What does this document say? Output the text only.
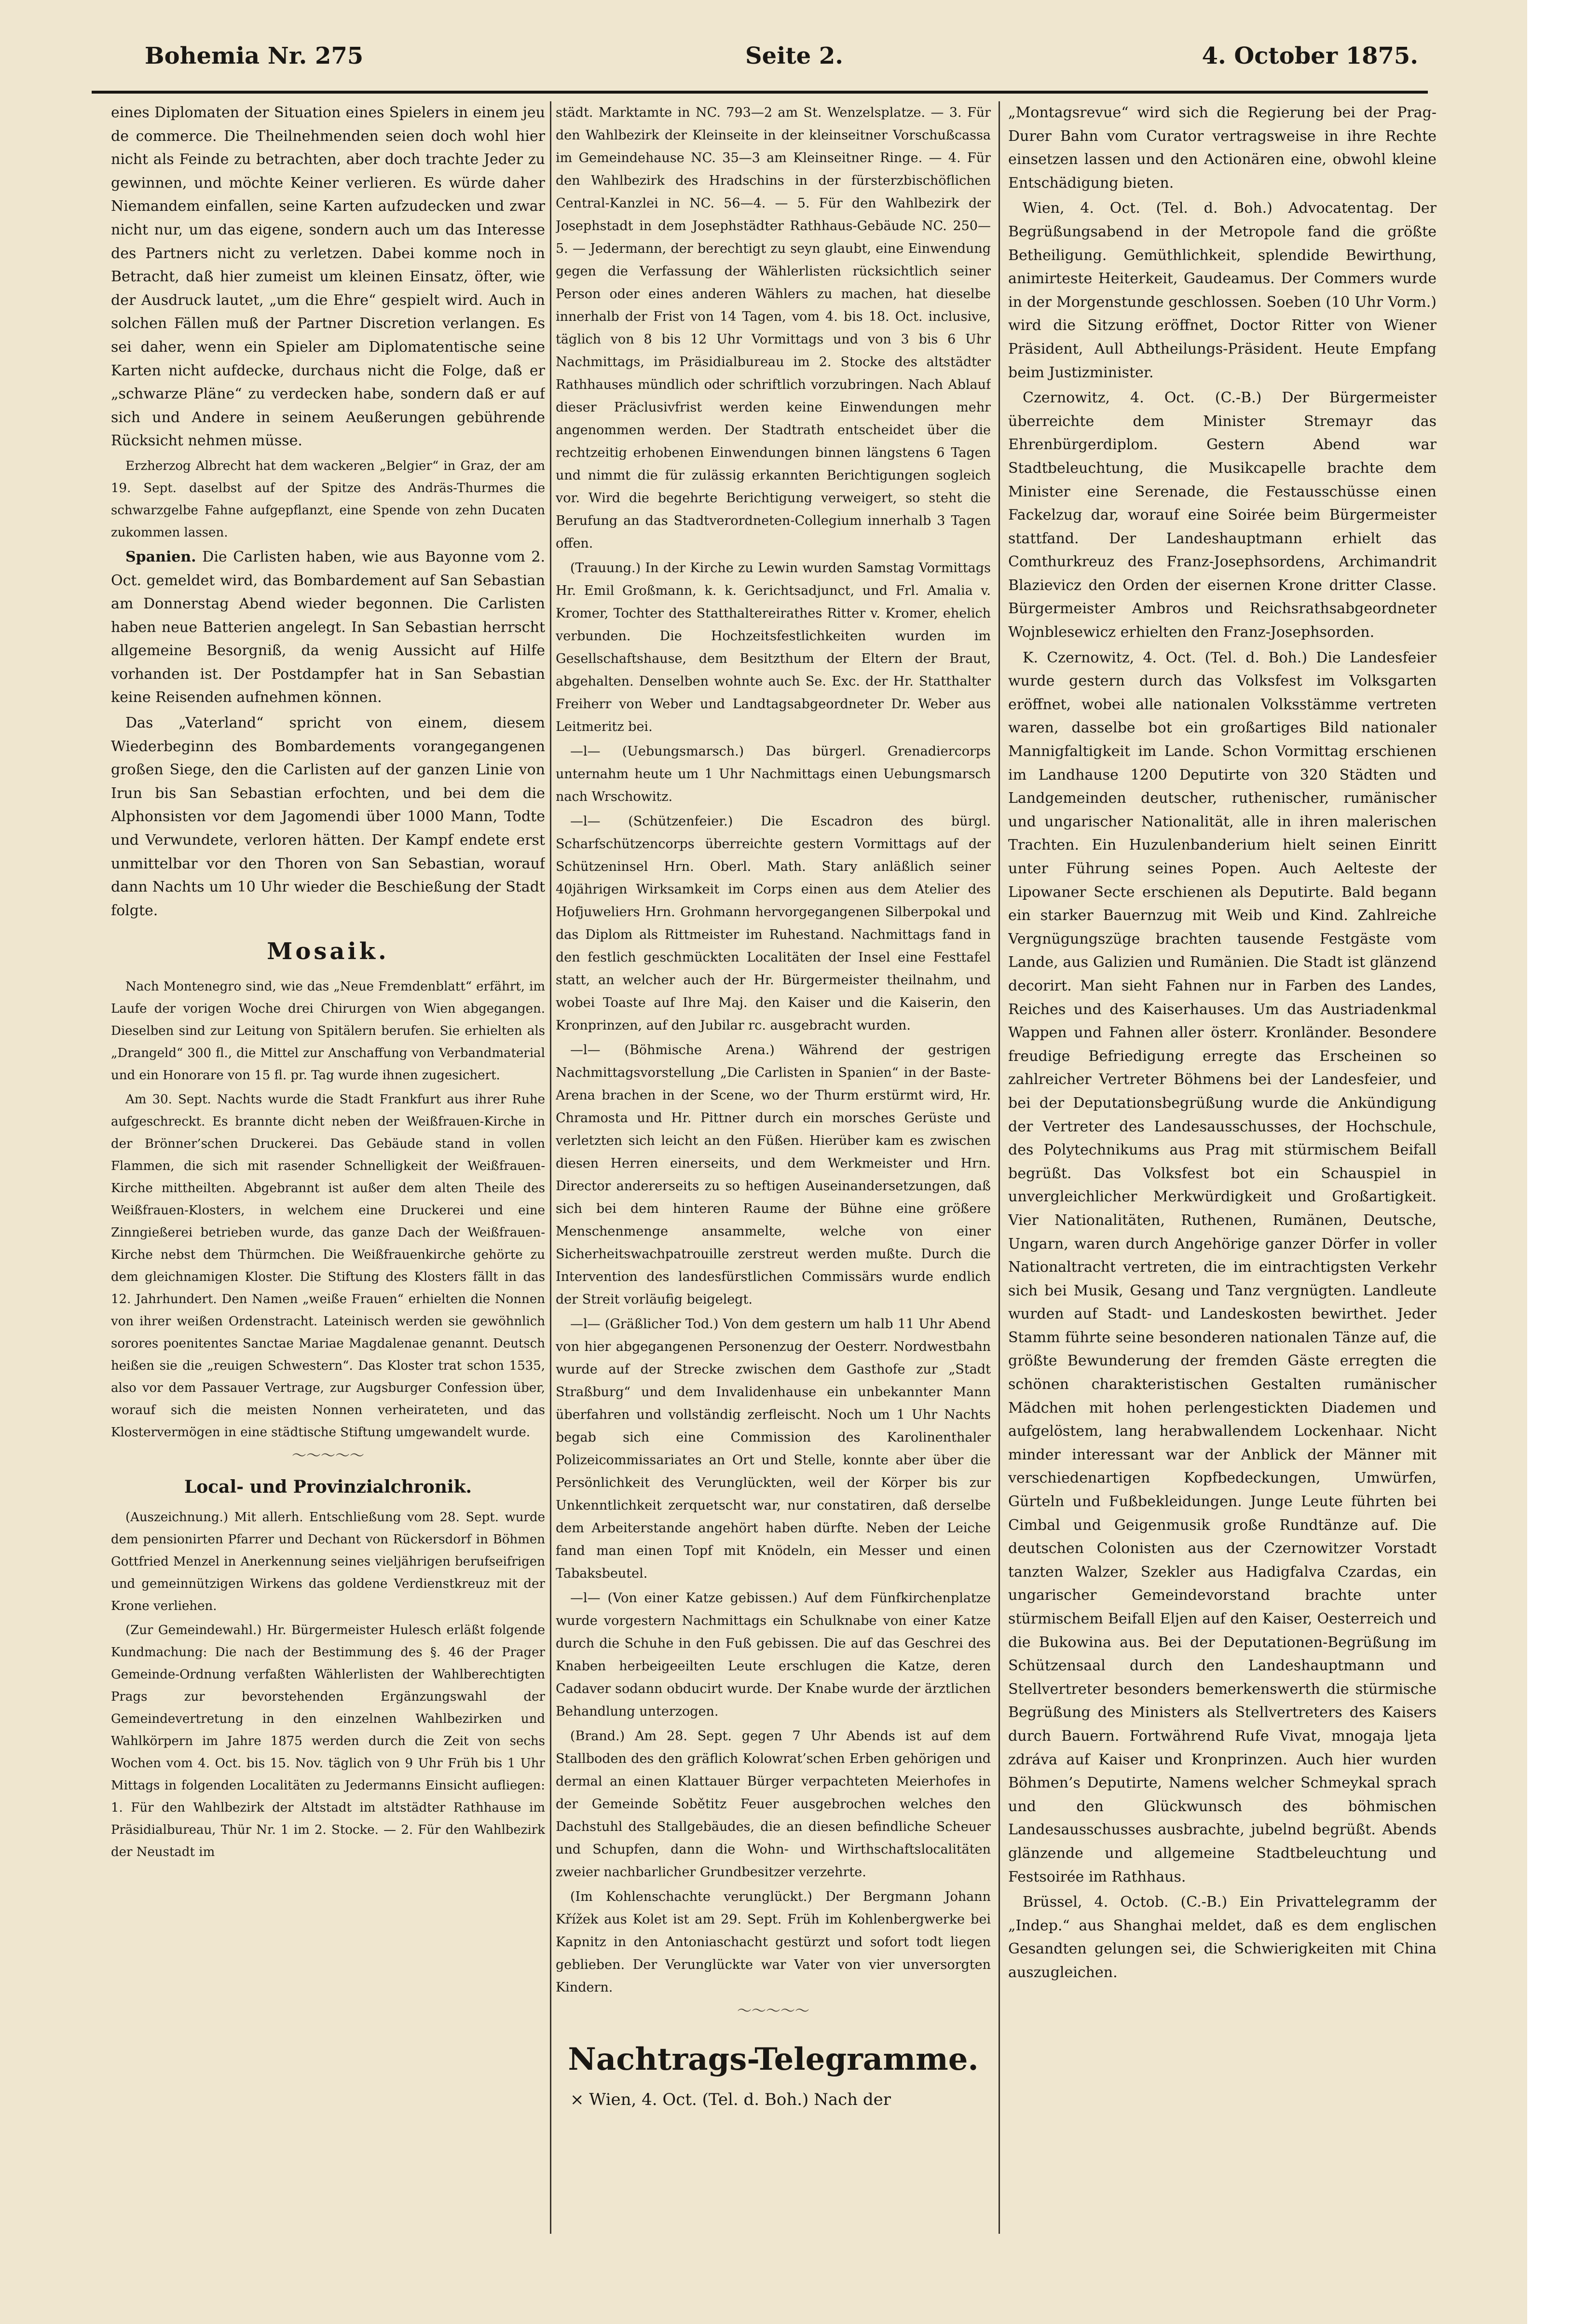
Bohemia Nr. 275	Seite 2.	4. October 1875.

eines Diplomaten der Situation eines Spielers in einem jeu de commerce. Die Theilnehmenden seien doch wohl hier nicht als Feinde zu betrachten, aber doch trachte Jeder zu gewinnen, und möchte Keiner verlieren. Es würde daher Niemandem einfallen, seine Karten aufzudecken und zwar nicht nur, um das eigene, sondern auch um das Interesse des Partners nicht zu verletzen. Dabei komme noch in Betracht, daß hier zumeist um kleinen Einsatz, öfter, wie der Ausdruck lautet, „um die Ehre“ gespielt wird. Auch in solchen Fällen muß der Partner Discretion verlangen. Es sei daher, wenn ein Spieler am Diplomatentische seine Karten nicht aufdecke, durchaus nicht die Folge, daß er „schwarze Pläne“ zu verdecken habe, sondern daß er auf sich und Andere in seinem Aeußerungen gebührende Rücksicht nehmen müsse.

Erzherzog Albrecht hat dem wackeren „Belgier“ in Graz, der am 19. Sept. daselbst auf der Spitze des Andräs-Thurmes die schwarzgelbe Fahne aufgepflanzt, eine Spende von zehn Ducaten zukommen lassen.

Spanien. Die Carlisten haben, wie aus Bayonne vom 2. Oct. gemeldet wird, das Bombardement auf San Sebastian am Donnerstag Abend wieder begonnen. Die Carlisten haben neue Batterien angelegt. In San Sebastian herrscht allgemeine Besorgniß, da wenig Aussicht auf Hilfe vorhanden ist. Der Postdampfer hat in San Sebastian keine Reisenden aufnehmen können.

Das „Vaterland“ spricht von einem, diesem Wiederbeginn des Bombardements vorangegangenen großen Siege, den die Carlisten auf der ganzen Linie von Irun bis San Sebastian erfochten, und bei dem die Alphonsisten vor dem Jagomendi über 1000 Mann, Todte und Verwundete, verloren hätten. Der Kampf endete erst unmittelbar vor den Thoren von San Sebastian, worauf dann Nachts um 10 Uhr wieder die Beschießung der Stadt folgte.

Mosaik.

Nach Montenegro sind, wie das „Neue Fremdenblatt“ erfährt, im Laufe der vorigen Woche drei Chirurgen von Wien abgegangen. Dieselben sind zur Leitung von Spitälern berufen. Sie erhielten als „Drangeld“ 300 fl., die Mittel zur Anschaffung von Verbandmaterial und ein Honorare von 15 fl. pr. Tag wurde ihnen zugesichert.

Am 30. Sept. Nachts wurde die Stadt Frankfurt aus ihrer Ruhe aufgeschreckt. Es brannte dicht neben der Weißfrauen-Kirche in der Brönner’schen Druckerei. Das Gebäude stand in vollen Flammen, die sich mit rasender Schnelligkeit der Weißfrauen-Kirche mittheilten. Abgebrannt ist außer dem alten Theile des Weißfrauen-Klosters, in welchem eine Druckerei und eine Zinngießerei betrieben wurde, das ganze Dach der Weißfrauen-Kirche nebst dem Thürmchen. Die Weißfrauenkirche gehörte zu dem gleichnamigen Kloster. Die Stiftung des Klosters fällt in das 12. Jahrhundert. Den Namen „weiße Frauen“ erhielten die Nonnen von ihrer weißen Ordenstracht. Lateinisch werden sie gewöhnlich sorores poenitentes Sanctae Mariae Magdalenae genannt. Deutsch heißen sie die „reuigen Schwestern“. Das Kloster trat schon 1535, also vor dem Passauer Vertrage, zur Augsburger Confession über, worauf sich die meisten Nonnen verheirateten, und das Klostervermögen in eine städtische Stiftung umgewandelt wurde.

〜〜〜〜〜
Local- und Provinzialchronik.

(Auszeichnung.) Mit allerh. Entschließung vom 28. Sept. wurde dem pensionirten Pfarrer und Dechant von Rückersdorf in Böhmen Gottfried Menzel in Anerkennung seines vieljährigen berufseifrigen und gemeinnützigen Wirkens das goldene Verdienstkreuz mit der Krone verliehen.

(Zur Gemeindewahl.) Hr. Bürgermeister Hulesch erläßt folgende Kundmachung: Die nach der Bestimmung des §. 46 der Prager Gemeinde-Ordnung verfaßten Wählerlisten der Wahlberechtigten Prags zur bevorstehenden Ergänzungswahl der Gemeindevertretung in den einzelnen Wahlbezirken und Wahlkörpern im Jahre 1875 werden durch die Zeit von sechs Wochen vom 4. Oct. bis 15. Nov. täglich von 9 Uhr Früh bis 1 Uhr Mittags in folgenden Localitäten zu Jedermanns Einsicht aufliegen: 1. Für den Wahlbezirk der Altstadt im altstädter Rathhause im Präsidialbureau, Thür Nr. 1 im 2. Stocke. — 2. Für den Wahlbezirk der Neustadt im

städt. Marktamte in NC. 793—2 am St. Wenzelsplatze. — 3. Für den Wahlbezirk der Kleinseite in der kleinseitner Vorschußcassa im Gemeindehause NC. 35—3 am Kleinseitner Ringe. — 4. Für den Wahlbezirk des Hradschins in der fürsterzbischöflichen Central-Kanzlei in NC. 56—4. — 5. Für den Wahlbezirk der Josephstadt in dem Josephstädter Rathhaus-Gebäude NC. 250—5. — Jedermann, der berechtigt zu seyn glaubt, eine Einwendung gegen die Verfassung der Wählerlisten rücksichtlich seiner Person oder eines anderen Wählers zu machen, hat dieselbe innerhalb der Frist von 14 Tagen, vom 4. bis 18. Oct. inclusive, täglich von 8 bis 12 Uhr Vormittags und von 3 bis 6 Uhr Nachmittags, im Präsidialbureau im 2. Stocke des altstädter Rathhauses mündlich oder schriftlich vorzubringen. Nach Ablauf dieser Präclusivfrist werden keine Einwendungen mehr angenommen werden. Der Stadtrath entscheidet über die rechtzeitig erhobenen Einwendungen binnen längstens 6 Tagen und nimmt die für zulässig erkannten Berichtigungen sogleich vor. Wird die begehrte Berichtigung verweigert, so steht die Berufung an das Stadtverordneten-Collegium innerhalb 3 Tagen offen.

(Trauung.) In der Kirche zu Lewin wurden Samstag Vormittags Hr. Emil Großmann, k. k. Gerichtsadjunct, und Frl. Amalia v. Kromer, Tochter des Statthaltereirathes Ritter v. Kromer, ehelich verbunden. Die Hochzeitsfestlichkeiten wurden im Gesellschaftshause, dem Besitzthum der Eltern der Braut, abgehalten. Denselben wohnte auch Se. Exc. der Hr. Statthalter Freiherr von Weber und Landtagsabgeordneter Dr. Weber aus Leitmeritz bei.

—l— (Uebungsmarsch.) Das bürgerl. Grenadiercorps unternahm heute um 1 Uhr Nachmittags einen Uebungsmarsch nach Wrschowitz.

—l— (Schützenfeier.) Die Escadron des bürgl. Scharfschützencorps überreichte gestern Vormittags auf der Schützeninsel Hrn. Oberl. Math. Stary anläßlich seiner 40jährigen Wirksamkeit im Corps einen aus dem Atelier des Hofjuweliers Hrn. Grohmann hervorgegangenen Silberpokal und das Diplom als Rittmeister im Ruhestand. Nachmittags fand in den festlich geschmückten Localitäten der Insel eine Festtafel statt, an welcher auch der Hr. Bürgermeister theilnahm, und wobei Toaste auf Ihre Maj. den Kaiser und die Kaiserin, den Kronprinzen, auf den Jubilar rc. ausgebracht wurden.

—l— (Böhmische Arena.) Während der gestrigen Nachmittagsvorstellung „Die Carlisten in Spanien“ in der Baste-Arena brachen in der Scene, wo der Thurm erstürmt wird, Hr. Chramosta und Hr. Pittner durch ein morsches Gerüste und verletzten sich leicht an den Füßen. Hierüber kam es zwischen diesen Herren einerseits, und dem Werkmeister und Hrn. Director andererseits zu so heftigen Auseinandersetzungen, daß sich bei dem hinteren Raume der Bühne eine größere Menschenmenge ansammelte, welche von einer Sicherheitswachpatrouille zerstreut werden mußte. Durch die Intervention des landesfürstlichen Commissärs wurde endlich der Streit vorläufig beigelegt.

—l— (Gräßlicher Tod.) Von dem gestern um halb 11 Uhr Abend von hier abgegangenen Personenzug der Oesterr. Nordwestbahn wurde auf der Strecke zwischen dem Gasthofe zur „Stadt Straßburg“ und dem Invalidenhause ein unbekannter Mann überfahren und vollständig zerfleischt. Noch um 1 Uhr Nachts begab sich eine Commission des Karolinenthaler Polizeicommissariates an Ort und Stelle, konnte aber über die Persönlichkeit des Verunglückten, weil der Körper bis zur Unkenntlichkeit zerquetscht war, nur constatiren, daß derselbe dem Arbeiterstande angehört haben dürfte. Neben der Leiche fand man einen Topf mit Knödeln, ein Messer und einen Tabaksbeutel.

—l— (Von einer Katze gebissen.) Auf dem Fünfkirchenplatze wurde vorgestern Nachmittags ein Schulknabe von einer Katze durch die Schuhe in den Fuß gebissen. Die auf das Geschrei des Knaben herbeigeeilten Leute erschlugen die Katze, deren Cadaver sodann obducirt wurde. Der Knabe wurde der ärztlichen Behandlung unterzogen.

(Brand.) Am 28. Sept. gegen 7 Uhr Abends ist auf dem Stallboden des den gräflich Kolowrat’schen Erben gehörigen und dermal an einen Klattauer Bürger verpachteten Meierhofes in der Gemeinde Sobětitz Feuer ausgebrochen welches den Dachstuhl des Stallgebäudes, die an diesen befindliche Scheuer und Schupfen, dann die Wohn- und Wirthschaftslocalitäten zweier nachbarlicher Grundbesitzer verzehrte.

(Im Kohlenschachte verunglückt.) Der Bergmann Johann Křížek aus Kolet ist am 29. Sept. Früh im Kohlenbergwerke bei Kapnitz in den Antoniaschacht gestürzt und sofort todt liegen geblieben. Der Verunglückte war Vater von vier unversorgten Kindern.

〜〜〜〜〜
Nachtrags-Telegramme.

× Wien, 4. Oct. (Tel. d. Boh.) Nach der

„Montagsrevue“ wird sich die Regierung bei der Prag-Durer Bahn vom Curator vertragsweise in ihre Rechte einsetzen lassen und den Actionären eine, obwohl kleine Entschädigung bieten.

Wien, 4. Oct. (Tel. d. Boh.) Advocatentag. Der Begrüßungsabend in der Metropole fand die größte Betheiligung. Gemüthlichkeit, splendide Bewirthung, animirteste Heiterkeit, Gaudeamus. Der Commers wurde in der Morgenstunde geschlossen. Soeben (10 Uhr Vorm.) wird die Sitzung eröffnet, Doctor Ritter von Wiener Präsident, Aull Abtheilungs-Präsident. Heute Empfang beim Justizminister.

Czernowitz, 4. Oct. (C.-B.) Der Bürgermeister überreichte dem Minister Stremayr das Ehrenbürgerdiplom. Gestern Abend war Stadtbeleuchtung, die Musikcapelle brachte dem Minister eine Serenade, die Festausschüsse einen Fackelzug dar, worauf eine Soirée beim Bürgermeister stattfand. Der Landeshauptmann erhielt das Comthurkreuz des Franz-Josephsordens, Archimandrit Blazievicz den Orden der eisernen Krone dritter Classe. Bürgermeister Ambros und Reichsrathsabgeordneter Wojnblesewicz erhielten den Franz-Josephsorden.

K. Czernowitz, 4. Oct. (Tel. d. Boh.) Die Landesfeier wurde gestern durch das Volksfest im Volksgarten eröffnet, wobei alle nationalen Volksstämme vertreten waren, dasselbe bot ein großartiges Bild nationaler Mannigfaltigkeit im Lande. Schon Vormittag erschienen im Landhause 1200 Deputirte von 320 Städten und Landgemeinden deutscher, ruthenischer, rumänischer und ungarischer Nationalität, alle in ihren malerischen Trachten. Ein Huzulenbanderium hielt seinen Einritt unter Führung seines Popen. Auch Aelteste der Lipowaner Secte erschienen als Deputirte. Bald begann ein starker Bauernzug mit Weib und Kind. Zahlreiche Vergnügungszüge brachten tausende Festgäste vom Lande, aus Galizien und Rumänien. Die Stadt ist glänzend decorirt. Man sieht Fahnen nur in Farben des Landes, Reiches und des Kaiserhauses. Um das Austriadenkmal Wappen und Fahnen aller österr. Kronländer. Besondere freudige Befriedigung erregte das Erscheinen so zahlreicher Vertreter Böhmens bei der Landesfeier, und bei der Deputationsbegrüßung wurde die Ankündigung der Vertreter des Landesausschusses, der Hochschule, des Polytechnikums aus Prag mit stürmischem Beifall begrüßt. Das Volksfest bot ein Schauspiel in unvergleichlicher Merkwürdigkeit und Großartigkeit. Vier Nationalitäten, Ruthenen, Rumänen, Deutsche, Ungarn, waren durch Angehörige ganzer Dörfer in voller Nationaltracht vertreten, die im eintrachtigsten Verkehr sich bei Musik, Gesang und Tanz vergnügten. Landleute wurden auf Stadt- und Landeskosten bewirthet. Jeder Stamm führte seine besonderen nationalen Tänze auf, die größte Bewunderung der fremden Gäste erregten die schönen charakteristischen Gestalten rumänischer Mädchen mit hohen perlengestickten Diademen und aufgelöstem, lang herabwallendem Lockenhaar. Nicht minder interessant war der Anblick der Männer mit verschiedenartigen Kopfbedeckungen, Umwürfen, Gürteln und Fußbekleidungen. Junge Leute führten bei Cimbal und Geigenmusik große Rundtänze auf. Die deutschen Colonisten aus der Czernowitzer Vorstadt tanzten Walzer, Szekler aus Hadigfalva Czardas, ein ungarischer Gemeindevorstand brachte unter stürmischem Beifall Eljen auf den Kaiser, Oesterreich und die Bukowina aus. Bei der Deputationen-Begrüßung im Schützensaal durch den Landeshauptmann und Stellvertreter besonders bemerkenswerth die stürmische Begrüßung des Ministers als Stellvertreters des Kaisers durch Bauern. Fortwährend Rufe Vivat, mnogaja ljeta zdráva auf Kaiser und Kronprinzen. Auch hier wurden Böhmen’s Deputirte, Namens welcher Schmeykal sprach und den Glückwunsch des böhmischen Landesausschusses ausbrachte, jubelnd begrüßt. Abends glänzende und allgemeine Stadtbeleuchtung und Festsoirée im Rathhaus.

Brüssel, 4. Octob. (C.-B.) Ein Privattelegramm der „Indep.“ aus Shanghai meldet, daß es dem englischen Gesandten gelungen sei, die Schwierigkeiten mit China auszugleichen.
